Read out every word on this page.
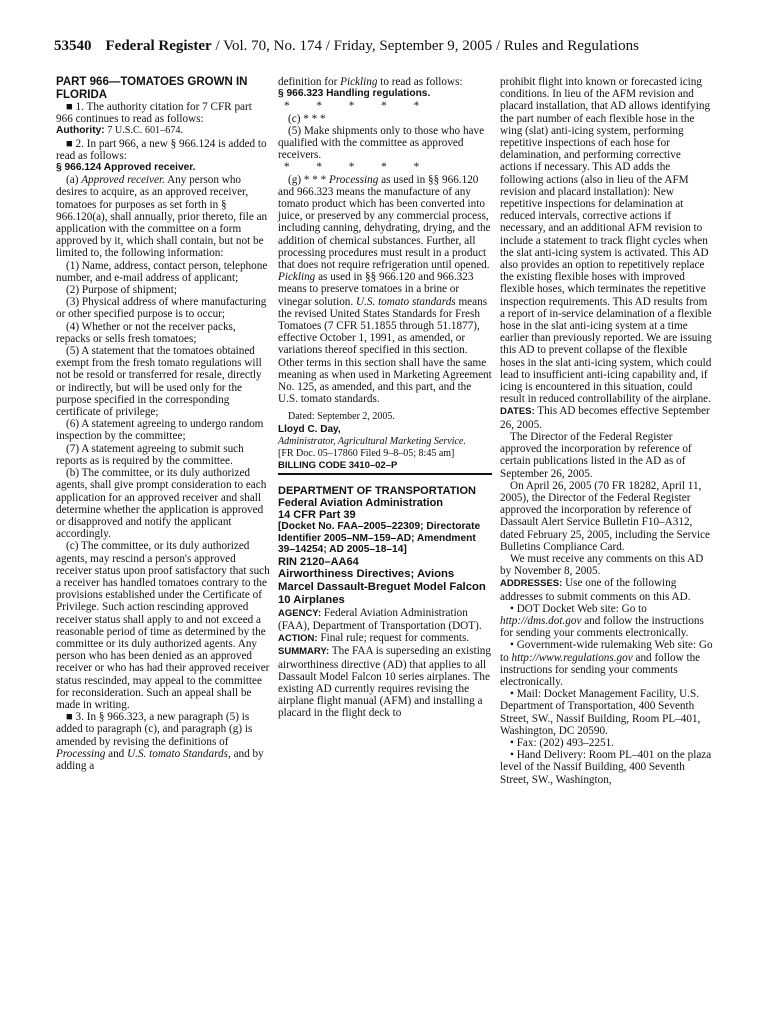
53540 Federal Register / Vol. 70, No. 174 / Friday, September 9, 2005 / Rules and Regulations

PART 966—TOMATOES GROWN IN FLORIDA

■ 1. The authority citation for 7 CFR part 966 continues to read as follows:

Authority: 7 U.S.C. 601–674.

■ 2. In part 966, a new § 966.124 is added to read as follows:

§ 966.124 Approved receiver.

(a) Approved receiver. Any person who desires to acquire, as an approved receiver, tomatoes for purposes as set forth in § 966.120(a), shall annually, prior thereto, file an application with the committee on a form approved by it, which shall contain, but not be limited to, the following information:

(1) Name, address, contact person, telephone number, and e-mail address of applicant;

(2) Purpose of shipment;

(3) Physical address of where manufacturing or other specified purpose is to occur;

(4) Whether or not the receiver packs, repacks or sells fresh tomatoes;

(5) A statement that the tomatoes obtained exempt from the fresh tomato regulations will not be resold or transferred for resale, directly or indirectly, but will be used only for the purpose specified in the corresponding certificate of privilege;

(6) A statement agreeing to undergo random inspection by the committee;

(7) A statement agreeing to submit such reports as is required by the committee.

(b) The committee, or its duly authorized agents, shall give prompt consideration to each application for an approved receiver and shall determine whether the application is approved or disapproved and notify the applicant accordingly.

(c) The committee, or its duly authorized agents, may rescind a person's approved receiver status upon proof satisfactory that such a receiver has handled tomatoes contrary to the provisions established under the Certificate of Privilege. Such action rescinding approved receiver status shall apply to and not exceed a reasonable period of time as determined by the committee or its duly authorized agents. Any person who has been denied as an approved receiver or who has had their approved receiver status rescinded, may appeal to the committee for reconsideration. Such an appeal shall be made in writing.

■ 3. In § 966.323, a new paragraph (5) is added to paragraph (c), and paragraph (g) is amended by revising the definitions of Processing and U.S. tomato Standards, and by adding a

definition for Pickling to read as follows:

§ 966.323 Handling regulations.

* * * * *

(c) * * *

(5) Make shipments only to those who have qualified with the committee as approved receivers.

* * * * *

(g) * * * Processing as used in §§ 966.120 and 966.323 means the manufacture of any tomato product which has been converted into juice, or preserved by any commercial process, including canning, dehydrating, drying, and the addition of chemical substances. Further, all processing procedures must result in a product that does not require refrigeration until opened. Pickling as used in §§ 966.120 and 966.323 means to preserve tomatoes in a brine or vinegar solution. U.S. tomato standards means the revised United States Standards for Fresh Tomatoes (7 CFR 51.1855 through 51.1877), effective October 1, 1991, as amended, or variations thereof specified in this section. Other terms in this section shall have the same meaning as when used in Marketing Agreement No. 125, as amended, and this part, and the U.S. tomato standards.

Dated: September 2, 2005.

Lloyd C. Day,

Administrator, Agricultural Marketing Service.

[FR Doc. 05–17860 Filed 9–8–05; 8:45 am]

BILLING CODE 3410–02–P

DEPARTMENT OF TRANSPORTATION

Federal Aviation Administration

14 CFR Part 39

[Docket No. FAA–2005–22309; Directorate Identifier 2005–NM–159–AD; Amendment 39–14254; AD 2005–18–14]

RIN 2120–AA64

Airworthiness Directives; Avions Marcel Dassault-Breguet Model Falcon 10 Airplanes

AGENCY: Federal Aviation Administration (FAA), Department of Transportation (DOT).

ACTION: Final rule; request for comments.

SUMMARY: The FAA is superseding an existing airworthiness directive (AD) that applies to all Dassault Model Falcon 10 series airplanes. The existing AD currently requires revising the airplane flight manual (AFM) and installing a placard in the flight deck to

prohibit flight into known or forecasted icing conditions. In lieu of the AFM revision and placard installation, that AD allows identifying the part number of each flexible hose in the wing (slat) anti-icing system, performing repetitive inspections of each hose for delamination, and performing corrective actions if necessary. This AD adds the following actions (also in lieu of the AFM revision and placard installation): New repetitive inspections for delamination at reduced intervals, corrective actions if necessary, and an additional AFM revision to include a statement to track flight cycles when the slat anti-icing system is activated. This AD also provides an option to repetitively replace the existing flexible hoses with improved flexible hoses, which terminates the repetitive inspection requirements. This AD results from a report of in-service delamination of a flexible hose in the slat anti-icing system at a time earlier than previously reported. We are issuing this AD to prevent collapse of the flexible hoses in the slat anti-icing system, which could lead to insufficient anti-icing capability and, if icing is encountered in this situation, could result in reduced controllability of the airplane.

DATES: This AD becomes effective September 26, 2005.

The Director of the Federal Register approved the incorporation by reference of certain publications listed in the AD as of September 26, 2005.

On April 26, 2005 (70 FR 18282, April 11, 2005), the Director of the Federal Register approved the incorporation by reference of Dassault Alert Service Bulletin F10–A312, dated February 25, 2005, including the Service Bulletins Compliance Card.

We must receive any comments on this AD by November 8, 2005.

ADDRESSES: Use one of the following addresses to submit comments on this AD.

• DOT Docket Web site: Go to http://dms.dot.gov and follow the instructions for sending your comments electronically.

• Government-wide rulemaking Web site: Go to http://www.regulations.gov and follow the instructions for sending your comments electronically.

• Mail: Docket Management Facility, U.S. Department of Transportation, 400 Seventh Street, SW., Nassif Building, Room PL–401, Washington, DC 20590.

• Fax: (202) 493–2251.

• Hand Delivery: Room PL–401 on the plaza level of the Nassif Building, 400 Seventh Street, SW., Washington,
